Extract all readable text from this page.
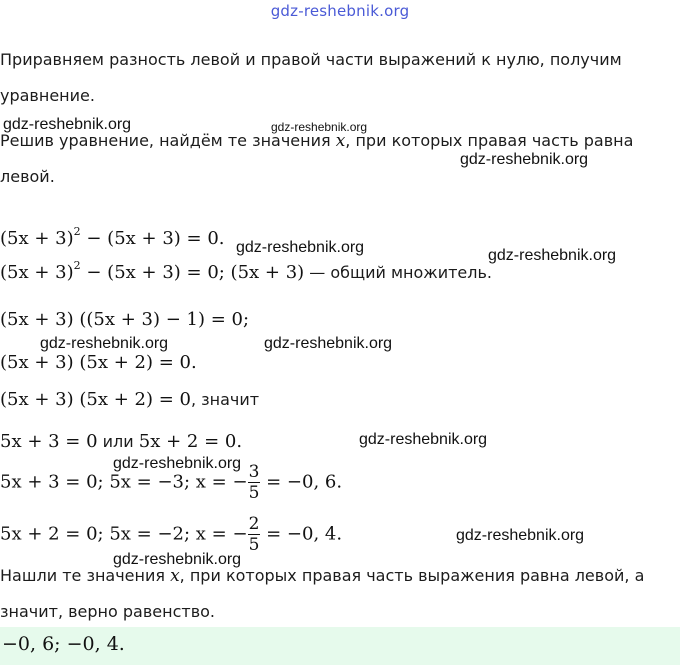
gdz-reshebnik.org
Приравняем разность левой и правой части выражений к нулю, получим
уравнение.
Решив уравнение, найдём те значения x, при которых правая часть равна
левой.
gdz-reshebnik.org	gdz-reshebnik.org
gdz-reshebnik.org
gdz-reshebnik.org	gdz-reshebnik.org
gdz-reshebnik.org	gdz-reshebnik.org
gdz-reshebnik.org
gdz-reshebnik.org
gdz-reshebnik.org
gdz-reshebnik.org
$(5x + 3)^2 - (5x + 3) = 0$.
$(5x + 3)^2 - (5x + 3) = 0$; (5x + 3) — общий множитель.
(5x + 3) ((5x + 3) − 1) = 0;
(5x + 3) (5x + 2) = 0.
(5x + 3) (5x + 2) = 0, значит
5x + 3 = 0 или 5x + 2 = 0.
5x + 3 = 0; 5x = −3; x = − $\frac{3}{5} = -0$, 6.
5x + 2 = 0; 5x = −2; x = − $\frac{2}{5} = -0$, 4.
Нашли те значения x, при которых правая часть выражения равна левой, а
значит, верно равенство.
−0, 6; −0, 4.
